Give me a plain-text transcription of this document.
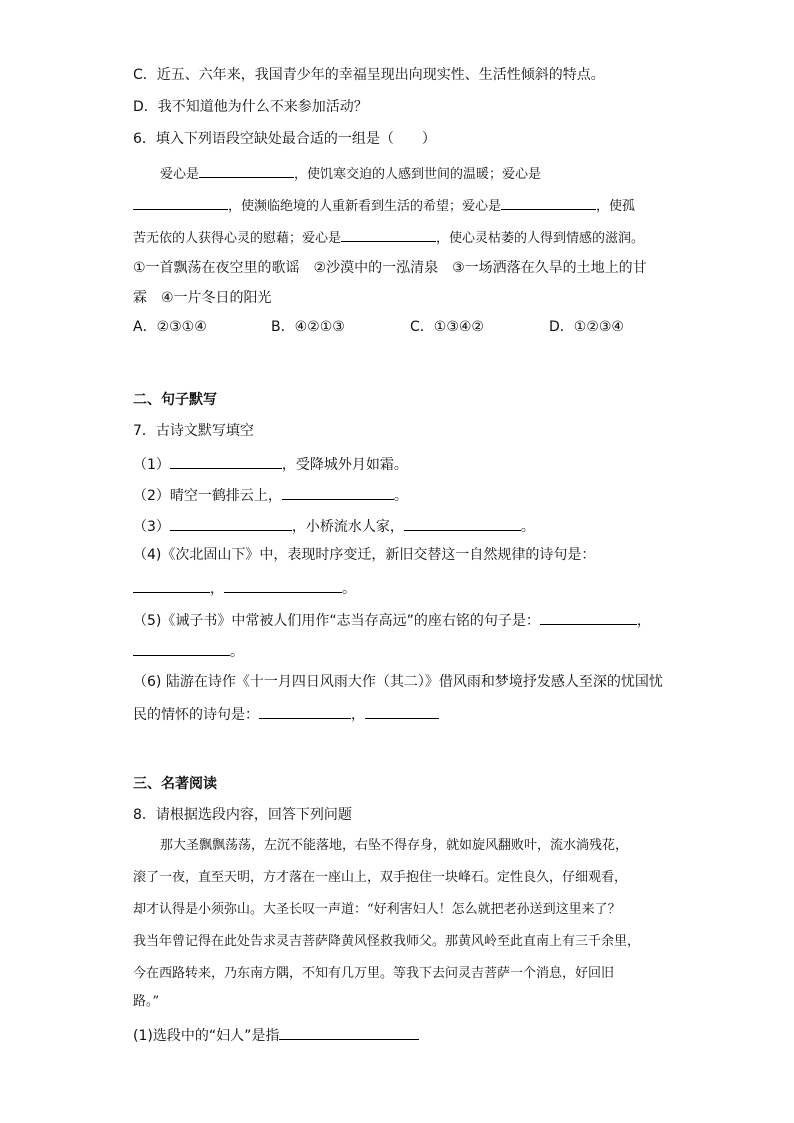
C．近五、六年来，我国青少年的幸福呈现出向现实性、生活性倾斜的特点。
D．我不知道他为什么不来参加活动？
6．填入下列语段空缺处最合适的一组是（　　）
爱心是	，使饥寒交迫的人感到世间的温暖；爱心是
，使濒临绝境的人重新看到生活的希望；爱心是	，使孤
苦无依的人获得心灵的慰藉；爱心是	，使心灵枯萎的人得到情感的滋润。
①一首飘荡在夜空里的歌谣　②沙漠中的一泓清泉　③一场洒落在久旱的土地上的甘
霖　④一片冬日的阳光
A．②③①④	B．④②①③	C．①③④②	D．①②③④
二、句子默写
7．古诗文默写填空
（1）	，受降城外月如霜。
（2）晴空一鹤排云上，	。
（3）	，小桥流水人家，	。
（4)《次北固山下》中，表现时序变迁，新旧交替这一自然规律的诗句是：
，	。
（5)《诫子书》中常被人们用作“志当存高远”的座右铭的句子是：	，
。
（6) 陆游在诗作《十一月四日风雨大作（其二）》借风雨和梦境抒发感人至深的忧国忧
民的情怀的诗句是：	，
三、名著阅读
8．请根据选段内容，回答下列问题
那大圣飘飘荡荡，左沉不能落地，右坠不得存身，就如旋风翻败叶，流水淌残花，
滚了一夜，直至天明，方才落在一座山上，双手抱住一块峰石。定性良久，仔细观看，
却才认得是小须弥山。大圣长叹一声道：“好利害妇人！怎么就把老孙送到这里来了？
我当年曾记得在此处告求灵吉菩萨降黄风怪救我师父。那黄风岭至此直南上有三千余里，
今在西路转来，乃东南方隅，不知有几万里。等我下去问灵吉菩萨一个消息，好回旧
路。”
(1)选段中的“妇人”是指
